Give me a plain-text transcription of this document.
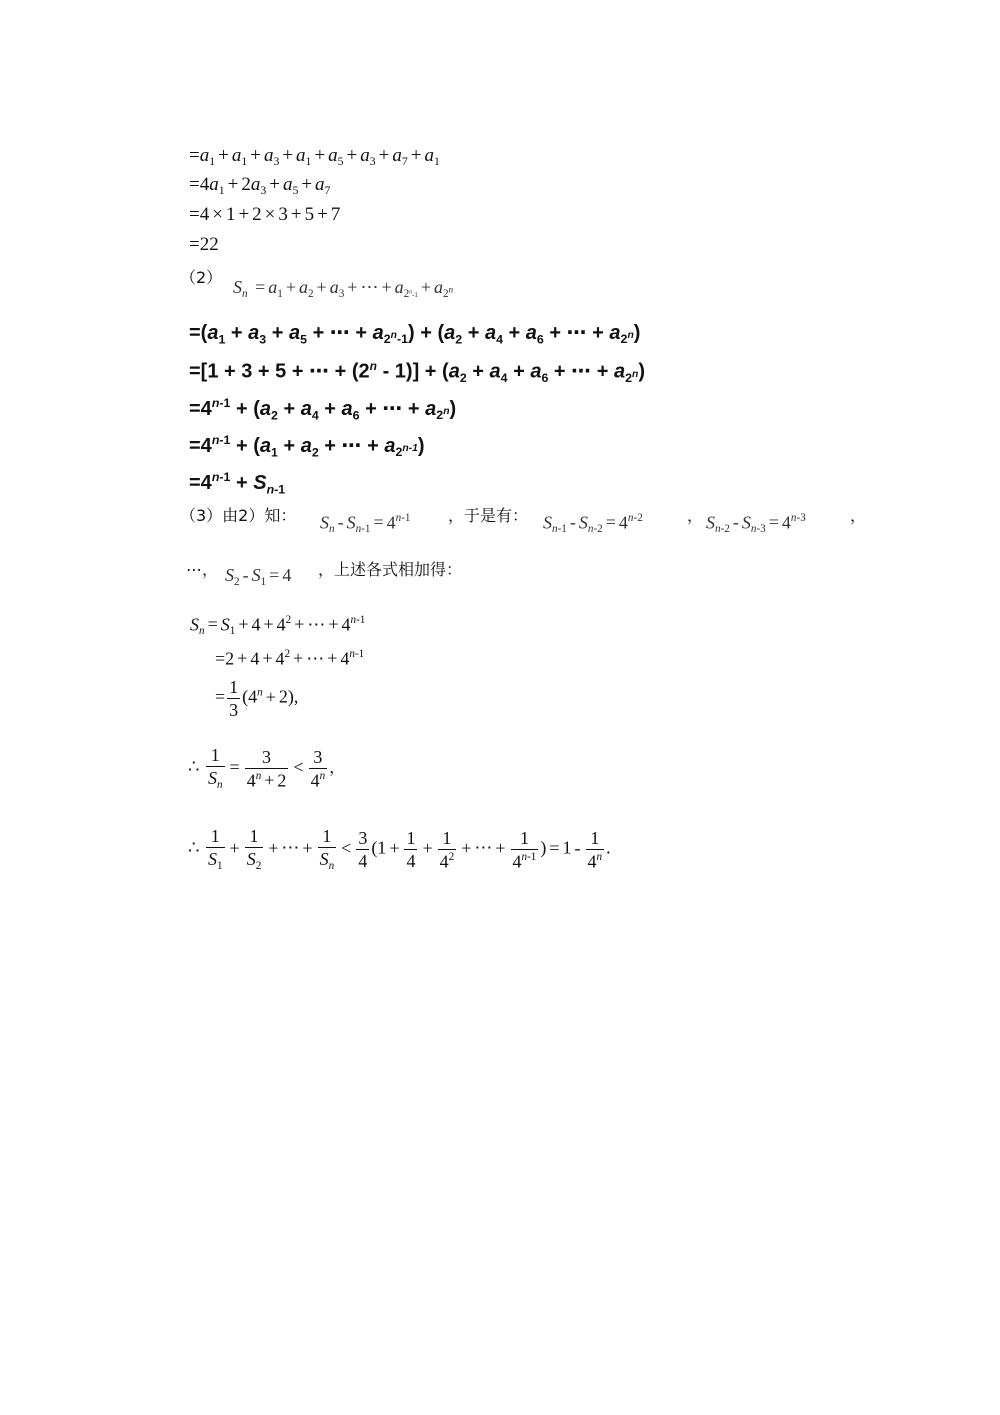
$=a_1 + a_1 + a_3 + a_1 + a_5 + a_3 + a_7 + a_1$
$=4a_1 + 2a_3 + a_5 + a_7$
=4 × 1 + 2 × 3 + 5 + 7
=22
（2） $S_n = a_1 + a_2 + a_3$ + ⋯ + $a_{2^n-1} + a_{2^n}$
$=(a_1 + a_3 + a_5$ + ⋯ + $a_{2^n-1}) + (a_2 + a_4 + a_6$ + ⋯ + $a_{2^n}$)
=[1 + 3 + 5 + ⋯ + $(2^n - 1)] + (a_2 + a_4 + a_6$ + ⋯ + $a_{2^n}$)
$=4^{n-1} + (a_2 + a_4 + a_6$ + ⋯ + $a_{2^n}$)
$=4^{n-1} + (a_1 + a_2$ + ⋯ + $a_{2^{n-1}}$)
$=4^{n-1} + S_{n-1}$
（3）由2）知： $S_n - S_{n-1} = 4^{n-1}$ ，于是有： $S_{n-1} - S_{n-2} = 4^{n-2}$	， $S_{n-2} - S_{n-3} = 4^{n-3}$	，
⋯， $S_2 - S_1 = 4$ ，上述各式相加得：
$S_n = S_1 + 4 + 4^2$ + ⋯ + $4^{n-1}$
$=2 + 4 + 4^2$ + ⋯ + $4^{n-1}$
= $\frac{1}{3} (4^n + 2)$,
∴ $\frac{1}{S_n} = \frac{3}{4^n + 2} < \frac{3}{4^n}$ ，
∴ $\frac{1}{S_1} + \frac{1}{S_2}$ + ⋯ + $\frac{1}{S_n} < \frac{3}{4} (1 + \frac{1}{4} + \frac{1}{4^2}$ + ⋯ + $\frac{1}{4^{n-1}}$ ) = $1 - \frac{1}{4^n}$ .
